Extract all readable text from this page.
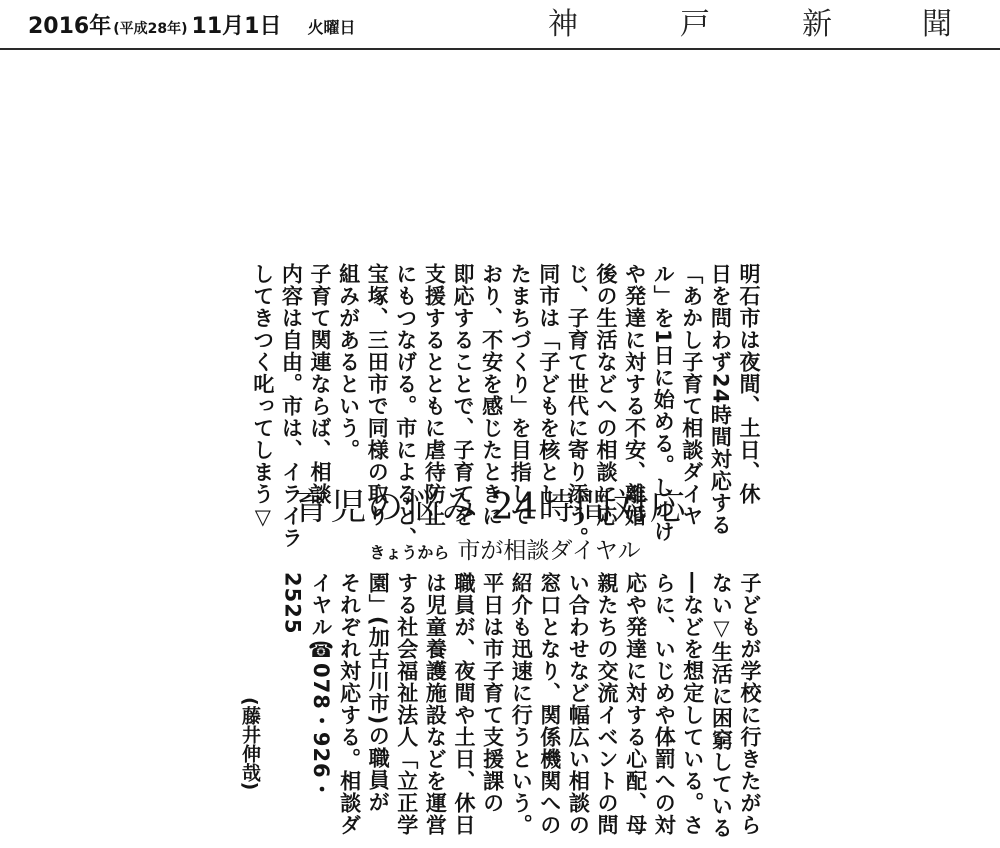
2016年 (平成28年) 11月1日 火曜日	神	戸	新	聞
明石市は夜間、土日、休
日を問わず24時間対応する
「あかし子育て相談ダイヤ
ル」を1日に始める。しつけ
や発達に対する不安、離婚
後の生活などへの相談に応
じ、子育て世代に寄り添う。
同市は「子どもを核とし
たまちづくり」を目指して
おり、不安を感じたときに
即応することで、子育てを
支援するとともに虐待防止
にもつなげる。市によると、
宝塚、三田市で同様の取り
組みがあるという。
子育て関連ならば、相談
内容は自由。市は、イライラ
してきつく叱ってしまう▽ 育児の悩み 24時間対応
きょうから 市が相談ダイヤル
子どもが学校に行きたがら
ない▽生活に困窮している
―などを想定している。さ
らに、いじめや体罰への対
応や発達に対する心配、母
親たちの交流イベントの問
い合わせなど幅広い相談の
窓口となり、関係機関への
紹介も迅速に行うという。
平日は市子育て支援課の
職員が、夜間や土日、休日
は児童養護施設などを運営
する社会福祉法人「立正学
園」(加古川市)の職員が
それぞれ対応する。相談ダ
イヤル☎078・926・
2525
(藤井伸哉)
